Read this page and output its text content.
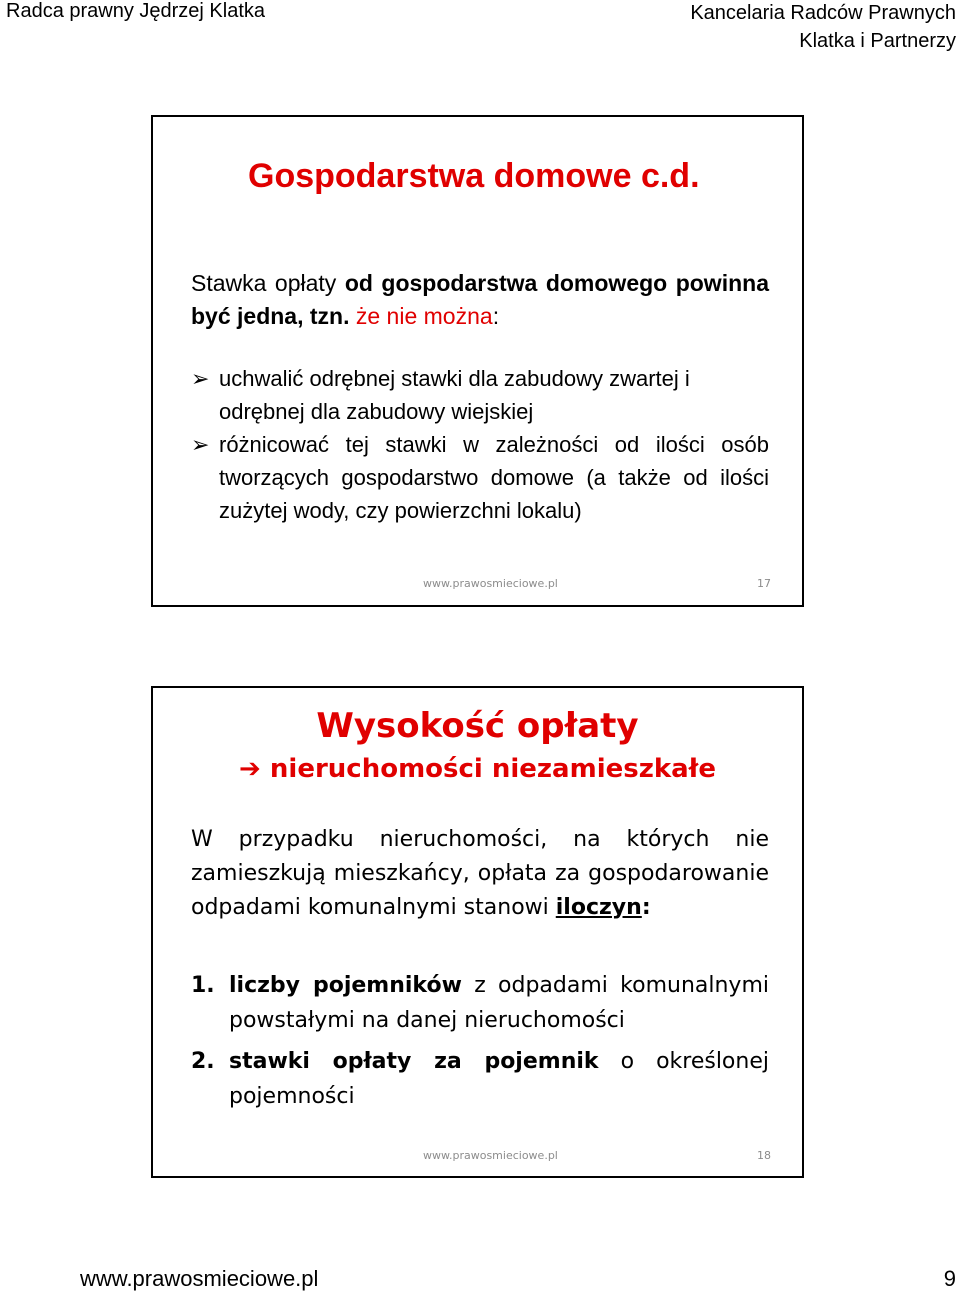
Radca prawny Jędrzej Klatka	Kancelaria Radców Prawnych
Klatka i Partnerzy
Gospodarstwa domowe c.d.
Stawka opłaty od gospodarstwa domowego powinna być jedna, tzn. że nie można:
➢ uchwalić odrębnej stawki dla zabudowy zwartej i odrębnej dla zabudowy wiejskiej
➢ różnicować tej stawki w zależności od ilości osób tworzących gospodarstwo domowe (a także od ilości zużytej wody, czy powierzchni lokalu)
www.prawosmieciowe.pl	17
Wysokość opłaty
➔ nieruchomości niezamieszkałe
W przypadku nieruchomości, na których nie zamieszkują mieszkańcy, opłata za gospodarowanie odpadami komunalnymi stanowi iloczyn:
1. liczby pojemników z odpadami komunalnymi powstałymi na danej nieruchomości
2. stawki opłaty za pojemnik o określonej pojemności
www.prawosmieciowe.pl	18
www.prawosmieciowe.pl	9
